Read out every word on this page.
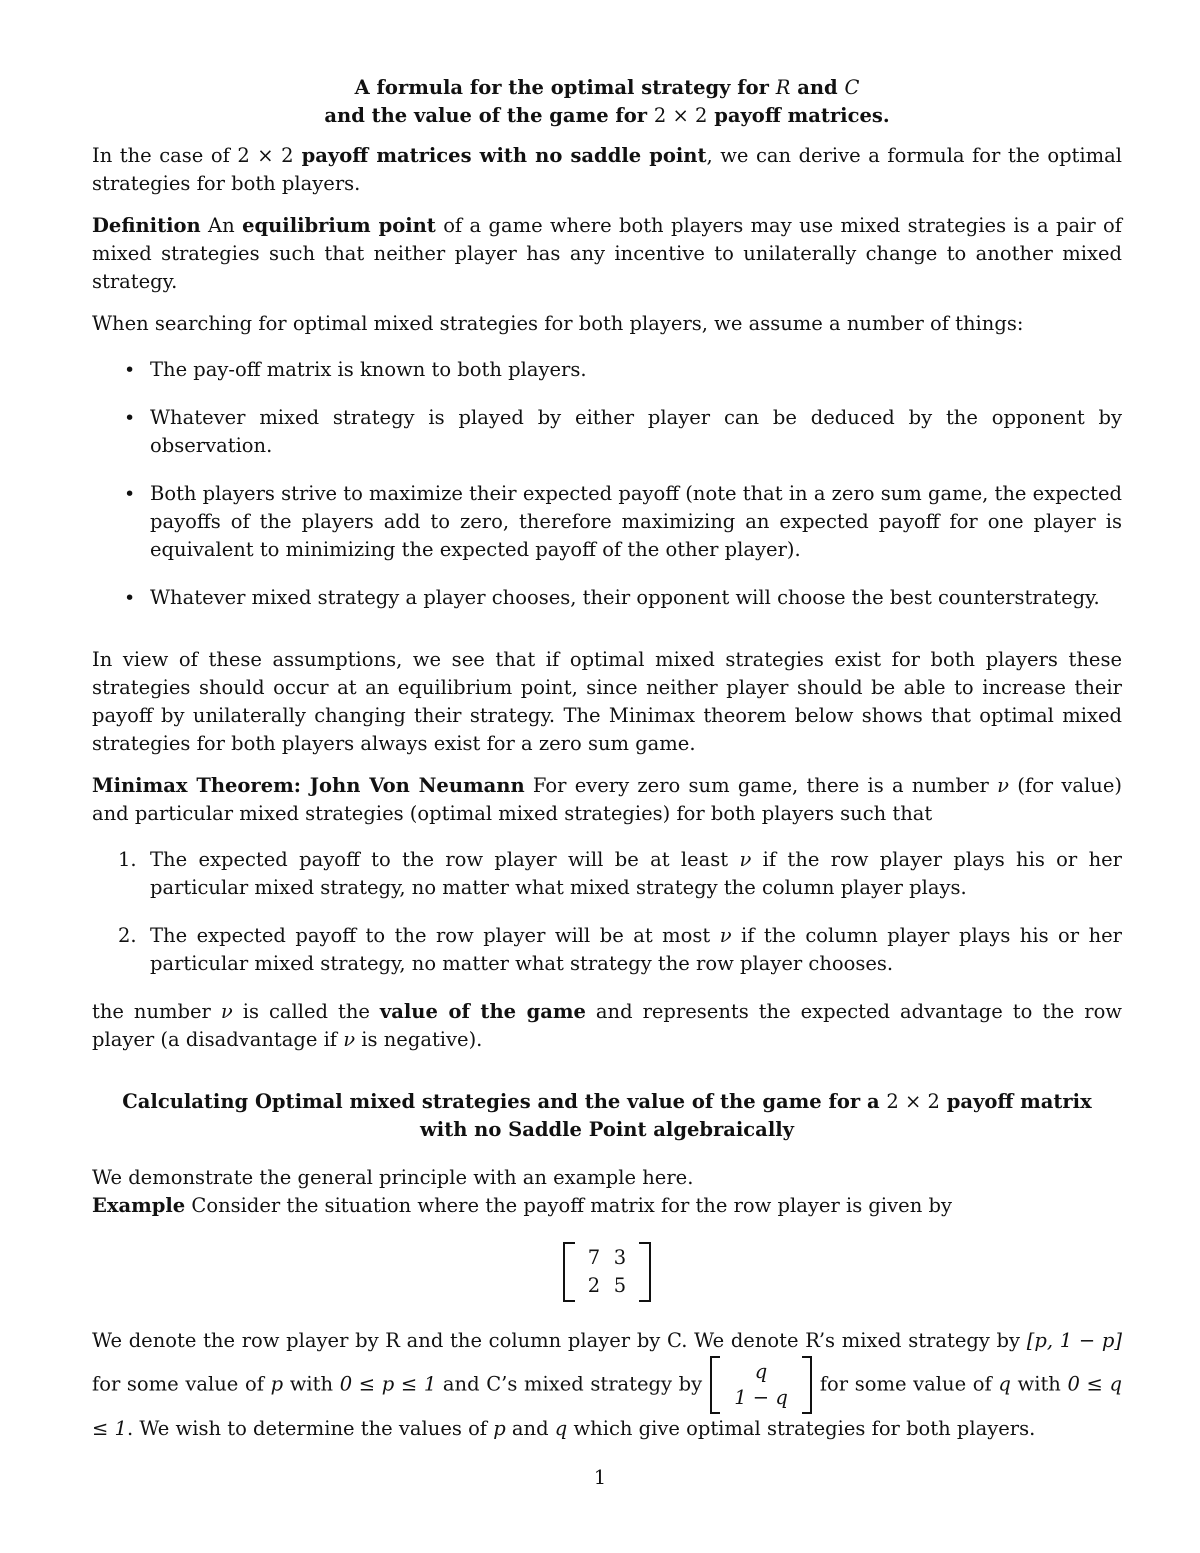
A formula for the optimal strategy for R and C
and the value of the game for 2 × 2 payoff matrices.

In the case of 2 × 2 payoff matrices with no saddle point, we can derive a formula for the optimal strategies for both players.

Definition An equilibrium point of a game where both players may use mixed strategies is a pair of mixed strategies such that neither player has any incentive to unilaterally change to another mixed strategy.

When searching for optimal mixed strategies for both players, we assume a number of things:

• The pay-off matrix is known to both players.
• Whatever mixed strategy is played by either player can be deduced by the opponent by observation.
• Both players strive to maximize their expected payoff (note that in a zero sum game, the expected payoffs of the players add to zero, therefore maximizing an expected payoff for one player is equivalent to minimizing the expected payoff of the other player).
• Whatever mixed strategy a player chooses, their opponent will choose the best counterstrategy.

In view of these assumptions, we see that if optimal mixed strategies exist for both players these strategies should occur at an equilibrium point, since neither player should be able to increase their payoff by unilaterally changing their strategy. The Minimax theorem below shows that optimal mixed strategies for both players always exist for a zero sum game.

Minimax Theorem: John Von Neumann For every zero sum game, there is a number ν (for value) and particular mixed strategies (optimal mixed strategies) for both players such that

1. The expected payoff to the row player will be at least ν if the row player plays his or her particular mixed strategy, no matter what mixed strategy the column player plays.
2. The expected payoff to the row player will be at most ν if the column player plays his or her particular mixed strategy, no matter what strategy the row player chooses.

the number ν is called the value of the game and represents the expected advantage to the row player (a disadvantage if ν is negative).

Calculating Optimal mixed strategies and the value of the game for a 2 × 2 payoff matrix
with no Saddle Point algebraically

We demonstrate the general principle with an example here.

Example Consider the situation where the payoff matrix for the row player is given by

7 3
2 5

We denote the row player by R and the column player by C. We denote R’s mixed strategy by [p, 1 − p] for some value of p with 0 ≤ p ≤ 1 and C’s mixed strategy by
q
1 − q
for some value of q with 0 ≤ q ≤ 1. We wish to determine the values of p and q which give optimal strategies for both players.

1
